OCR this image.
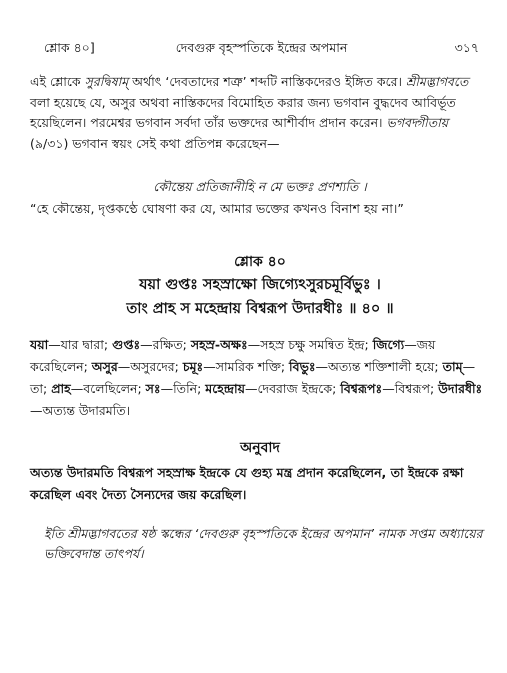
শ্লোক ৪০]	দেবগুরু বৃহস্পতিকে ইন্দ্রের অপমান	৩১৭
এই শ্লোকে সুরদ্বিষাম্ অর্থাৎ ‘দেবতাদের শত্রু’ শব্দটি নাস্তিকদেরও ইঙ্গিত করে। শ্রীমদ্ভাগবতে বলা হয়েছে যে, অসুর অথবা নাস্তিকদের বিমোহিত করার জন্য ভগবান বুদ্ধদেব আবির্ভূত হয়েছিলেন। পরমেশ্বর ভগবান সর্বদা তাঁর ভক্তদের আশীর্বাদ প্রদান করেন। ভগবদ্গীতায় (৯/৩১) ভগবান স্বয়ং সেই কথা প্রতিপন্ন করেছেন—
কৌন্তেয় প্রতিজানীহি ন মে ভক্তঃ প্রণশ্যতি ।
“হে কৌন্তেয়, দৃপ্তকণ্ঠে ঘোষণা কর যে, আমার ভক্তের কখনও বিনাশ হয় না।”
শ্লোক ৪০
যয়া গুপ্তঃ সহস্রাক্ষো জিগ্যেঽসুরচমূর্বিভুঃ ।
তাং প্রাহ স মহেন্দ্রায় বিশ্বরূপ উদারধীঃ ॥ ৪০ ॥
যয়া—যার দ্বারা; গুপ্তঃ—রক্ষিত; সহস্র-অক্ষঃ—সহস্র চক্ষু সমন্বিত ইন্দ্র; জিগ্যে—জয় করেছিলেন; অসুর—অসুরদের; চমূঃ—সামরিক শক্তি; বিভুঃ—অত্যন্ত শক্তিশালী হয়ে; তাম্—তা; প্রাহ—বলেছিলেন; সঃ—তিনি; মহেন্দ্রায়—দেবরাজ ইন্দ্রকে; বিশ্বরূপঃ—বিশ্বরূপ; উদারধীঃ—অত্যন্ত উদারমতি।
অনুবাদ
অত্যন্ত উদারমতি বিশ্বরূপ সহস্রাক্ষ ইন্দ্রকে যে গুহ্য মন্ত্র প্রদান করেছিলেন, তা ইন্দ্রকে রক্ষা করেছিল এবং দৈত্য সৈন্যদের জয় করেছিল।
ইতি শ্রীমদ্ভাগবতের ষষ্ঠ স্কন্ধের ‘দেবগুরু বৃহস্পতিকে ইন্দ্রের অপমান’ নামক সপ্তম অধ্যায়ের ভক্তিবেদান্ত তাৎপর্য।
